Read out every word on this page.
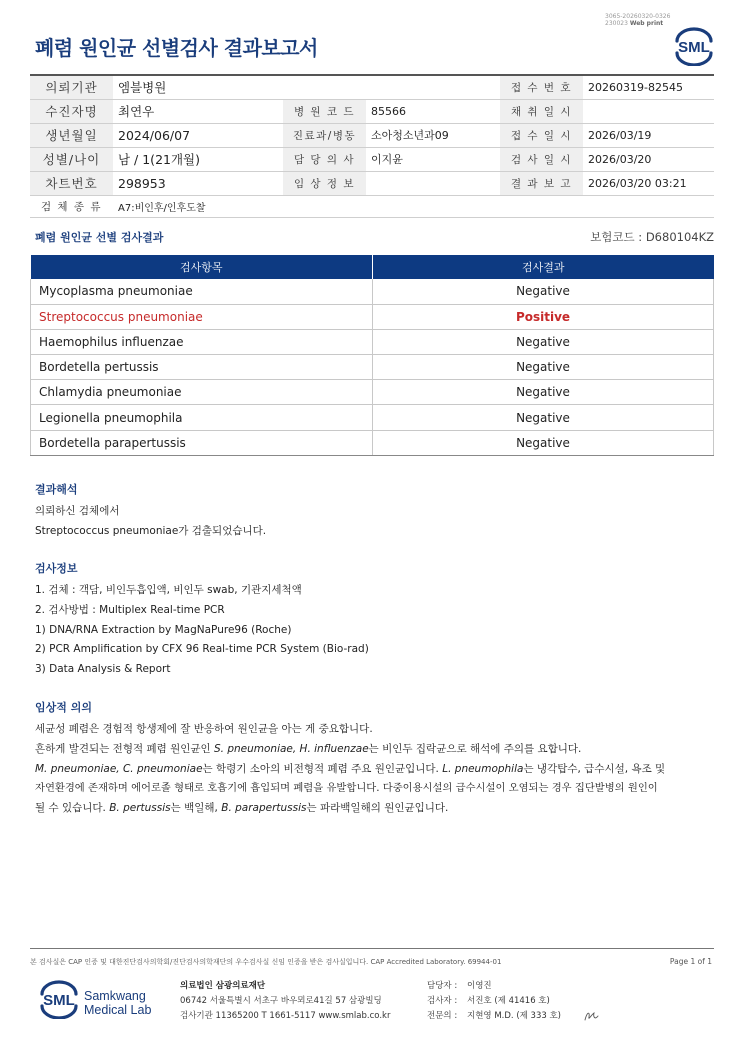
3065-20260320-0326
230023 Web print
폐렴 원인균 선별검사 결과보고서	SML
의뢰기관	엠블병원			접 수 번 호	20260319-82545
수진자명	최연우	병 원 코 드	85566	채 취 일 시	
생년월일	2024/06/07	진료과/병동	소아청소년과09	접 수 일 시	2026/03/19
성별/나이	남 / 1(21개월)	담 당 의 사	이지윤	검 사 일 시	2026/03/20
차트번호	298953	임 상 정 보		결 과 보 고	2026/03/20 03:21
검 체 종 류	A7:비인후/인후도찰				
폐렴 원인균 선별 검사결과	보험코드 : D680104KZ
검사항목	검사결과
Mycoplasma pneumoniae	Negative
Streptococcus pneumoniae	Positive
Haemophilus influenzae	Negative
Bordetella pertussis	Negative
Chlamydia pneumoniae	Negative
Legionella pneumophila	Negative
Bordetella parapertussis	Negative
결과해석

의뢰하신 검체에서

Streptococcus pneumoniae가 검출되었습니다.

검사정보

1. 검체 : 객담, 비인두흡입액, 비인두 swab, 기관지세척액

2. 검사방법 : Multiplex Real-time PCR

1) DNA/RNA Extraction by MagNaPure96 (Roche)

2) PCR Amplification by CFX 96 Real-time PCR System (Bio-rad)

3) Data Analysis & Report

임상적 의의

세균성 폐렴은 경험적 항생제에 잘 반응하여 원인균을 아는 게 중요합니다.

흔하게 발견되는 전형적 폐렴 원인균인 S. pneumoniae, H. influenzae는 비인두 집락균으로 해석에 주의를 요합니다.

M. pneumoniae, C. pneumoniae는 학령기 소아의 비전형적 폐렴 주요 원인균입니다. L. pneumophila는 냉각탑수, 급수시설, 욕조 및

자연환경에 존재하며 에어로졸 형태로 호흡기에 흡입되며 폐렴을 유발합니다. 다중이용시설의 급수시설이 오염되는 경우 집단발병의 원인이

될 수 있습니다. B. pertussis는 백일해, B. parapertussis는 파라백일해의 원인균입니다.

본 검사실은 CAP 인증 및 대한진단검사의학회/진단검사의학재단의 우수검사실 신임 인증을 받은 검사실입니다. CAP Accredited Laboratory. 69944-01	Page 1 of 1
SML Samkwang
Medical Lab
의료법인 삼광의료재단
06742 서울특별시 서초구 바우뫼로41길 57 삼광빌딩
검사기관 11365200 T 1661-5117 www.smlab.co.kr
담당자 : 이영진
검사자 : 서진호 (제 41416 호)
전문의 : 지현영 M.D. (제 333 호)
